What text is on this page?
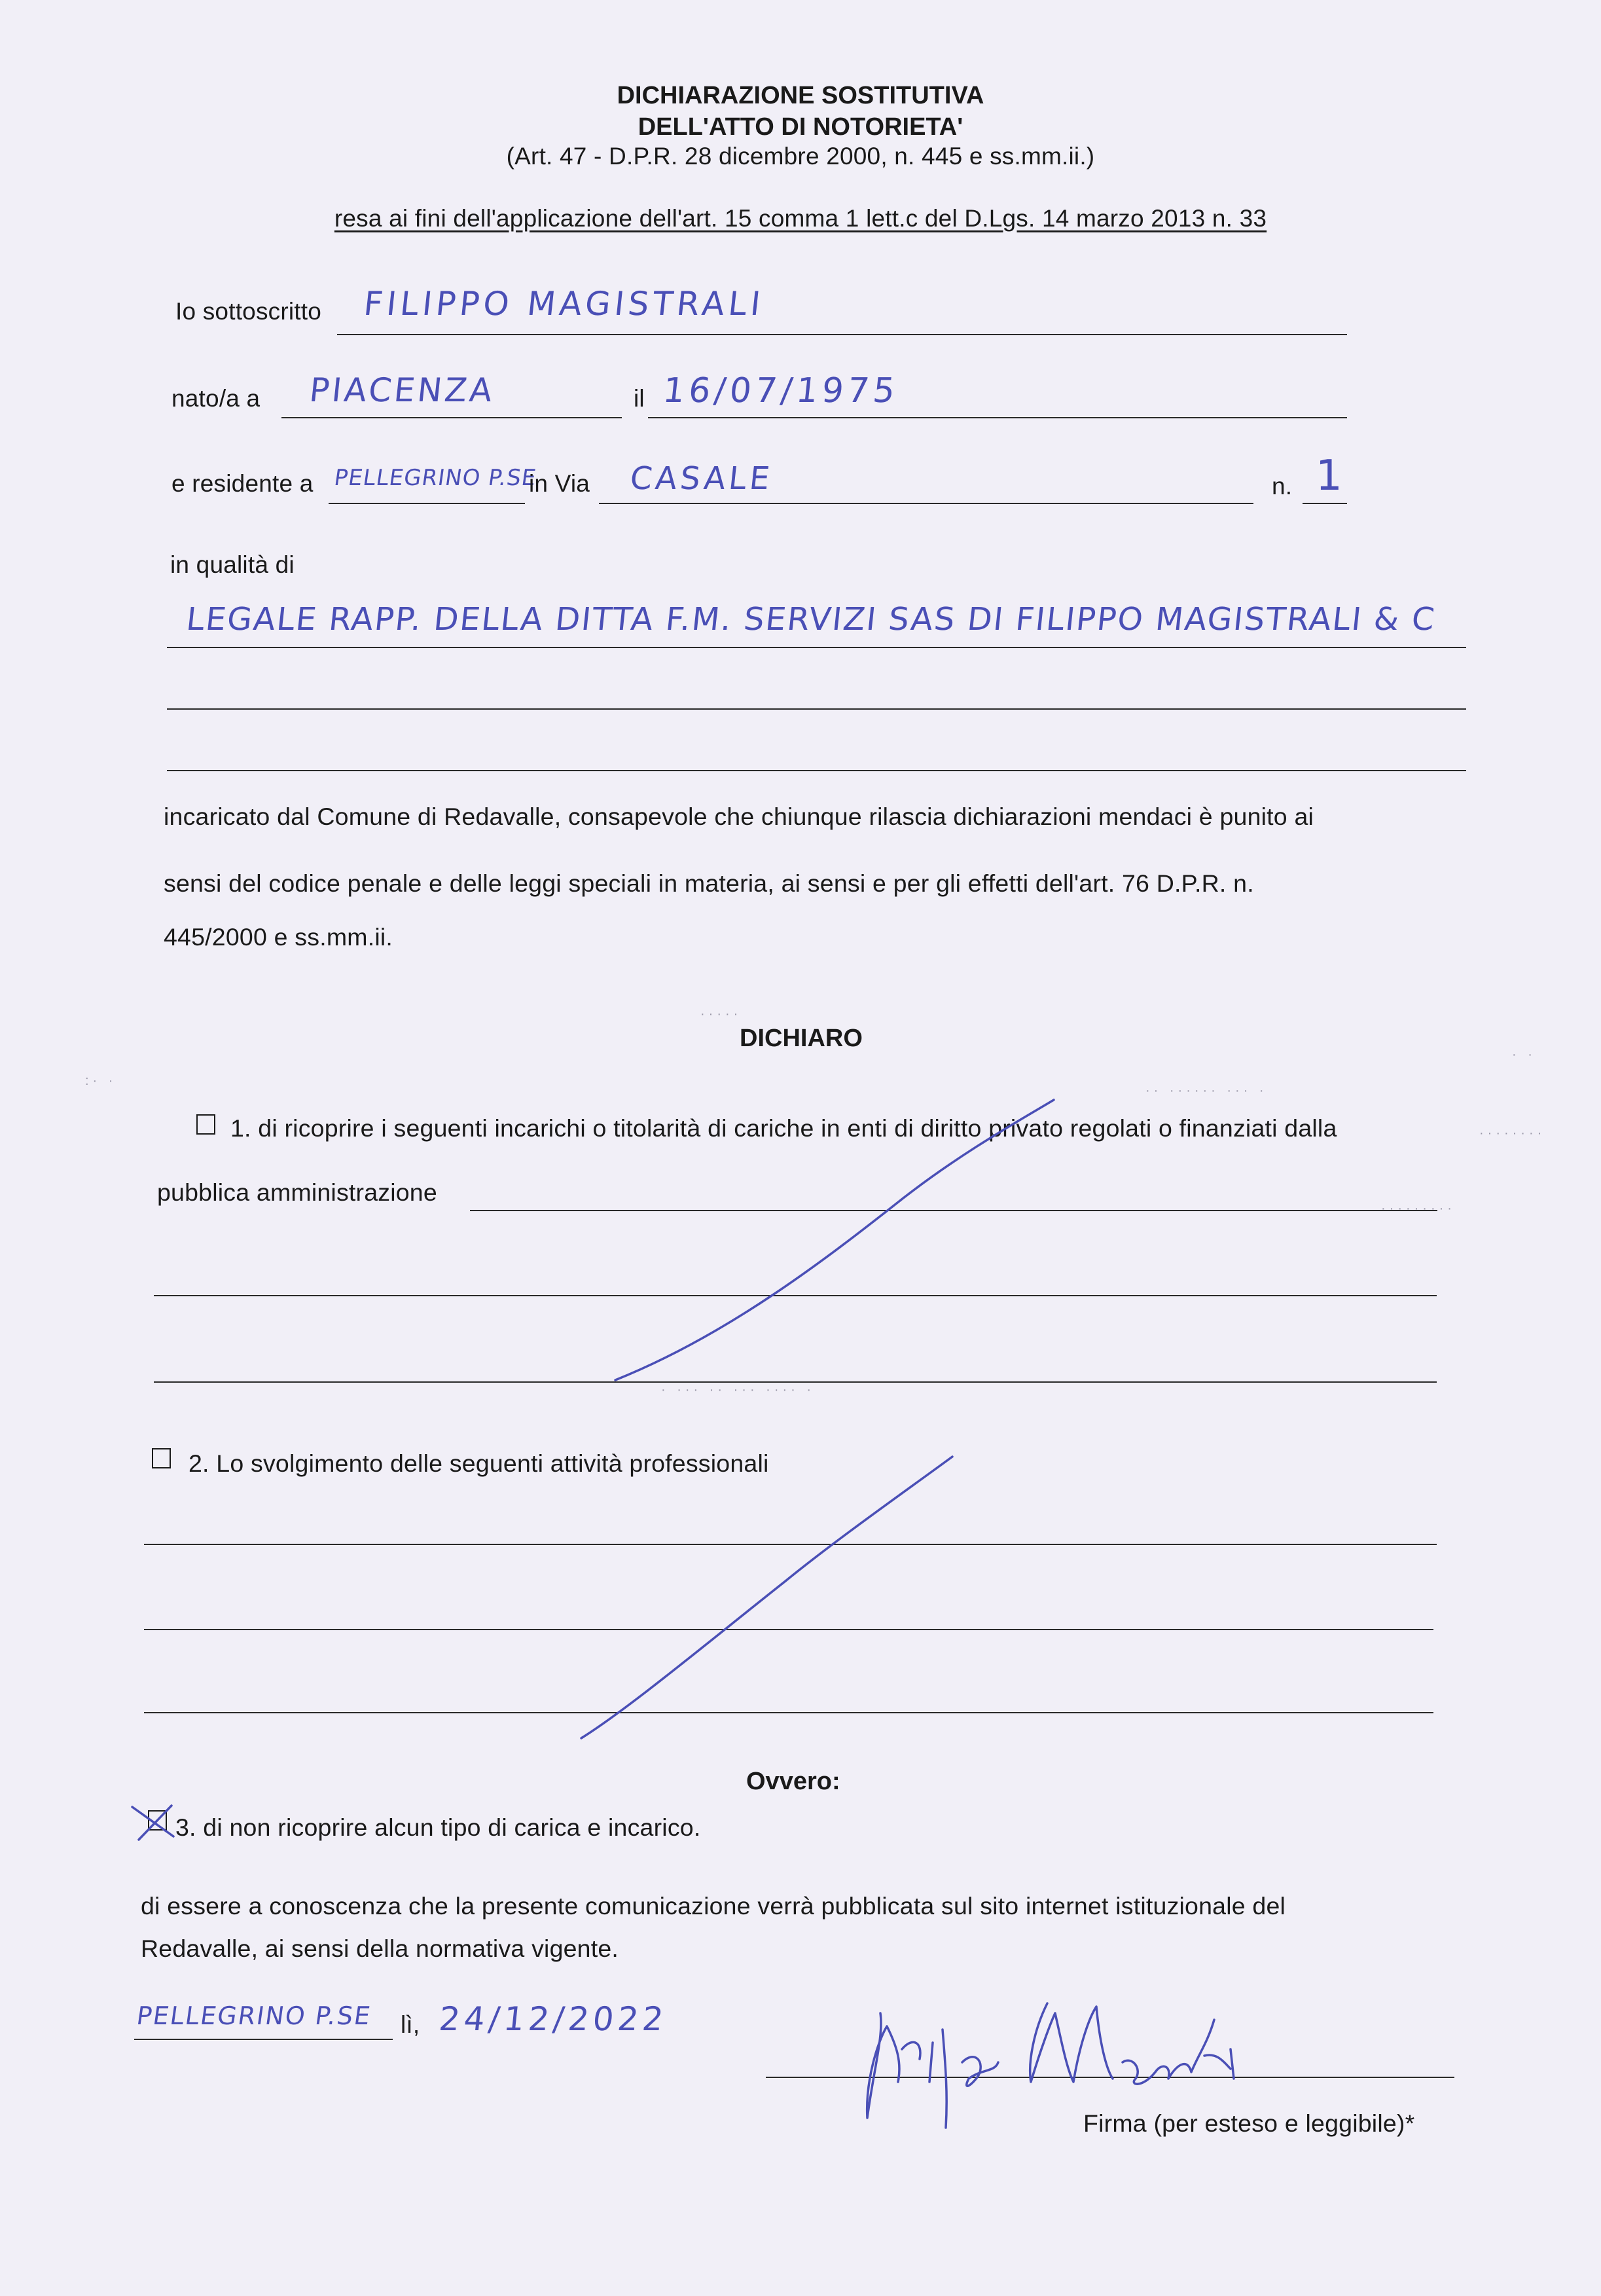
DICHIARAZIONE SOSTITUTIVA
DELL'ATTO DI NOTORIETA'
(Art. 47 - D.P.R. 28 dicembre 2000, n. 445 e ss.mm.ii.)
resa ai fini dell'applicazione dell'art. 15 comma 1 lett.c del D.Lgs. 14 marzo 2013 n. 33
Io sottoscritto FILIPPO MAGISTRALI
nato/a a PIACENZA	il 16/07/1975
e residente a PELLEGRINO P.SE
in Via CASALE	n. 1
in qualità di
LEGALE RAPP. DELLA DITTA F.M. SERVIZI SAS DI FILIPPO MAGISTRALI & C
incaricato dal Comune di Redavalle, consapevole che chiunque rilascia dichiarazioni mendaci è punito ai
sensi del codice penale e delle leggi speciali in materia, ai sensi e per gli effetti dell'art. 76 D.P.R. n.
445/2000 e ss.mm.ii.
DICHIARO
1. di ricoprire i seguenti incarichi o titolarità di cariche in enti di diritto privato regolati o finanziati dalla
pubblica amministrazione
2. Lo svolgimento delle seguenti attività professionali
Ovvero:
3. di non ricoprire alcun tipo di carica e incarico.
di essere a conoscenza che la presente comunicazione verrà pubblicata sul sito internet istituzionale del
Redavalle, ai sensi della normativa vigente.
PELLEGRINO P.SE lì, 24/12/2022
Firma (per esteso e leggibile)*
·····
:· ·
·· ······ ··· ·
········
·········
· ··· ·· ··· ···· ·
· ·
